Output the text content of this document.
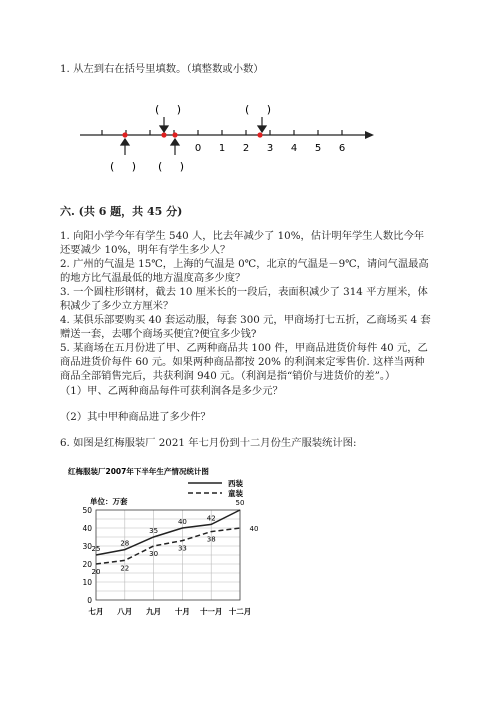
1. 从左到右在括号里填数。（填整数或小数）
(     )	(     )
0 1 2 3 4 5 6
(     ) (     )
六. (共 6 题，共 45 分)
1. 向阳小学今年有学生 540 人，比去年减少了 10%，估计明年学生人数比今年
还要减少 10%，明年有学生多少人？
2. 广州的气温是 15℃，上海的气温是 0℃，北京的气温是－9℃，请问气温最高
的地方比气温最低的地方温度高多少度？
3. 一个圆柱形钢材，截去 10 厘米长的一段后，表面积减少了 314 平方厘米，体
积减少了多少立方厘米？
4. 某俱乐部要购买 40 套运动服，每套 300 元，甲商场打七五折，乙商场买 4 套
赠送一套，去哪个商场买便宜?便宜多少钱?
5. 某商场在五月份进了甲、乙两种商品共 100 件，甲商品进货价每件 40 元，乙
商品进货价每件 60 元。如果两种商品都按 20% 的利润来定零售价. 这样当两种
商品全部销售完后，共获利润 940 元。（利润是指“销价与进货价的差”。）
（1）甲、乙两种商品每件可获利润各是多少元？
（2）其中甲种商品进了多少件？
6. 如图是红梅服装厂 2021 年七月份到十二月份生产服装统计图:
红梅服装厂2007年下半年生产情况统计图
单位：万套
西装
童装
0
10
20
30
40
50
七月 八月 九月 十月 十一月 十二月
25
28
35
40	42
50
20	22
30
33
38
40
